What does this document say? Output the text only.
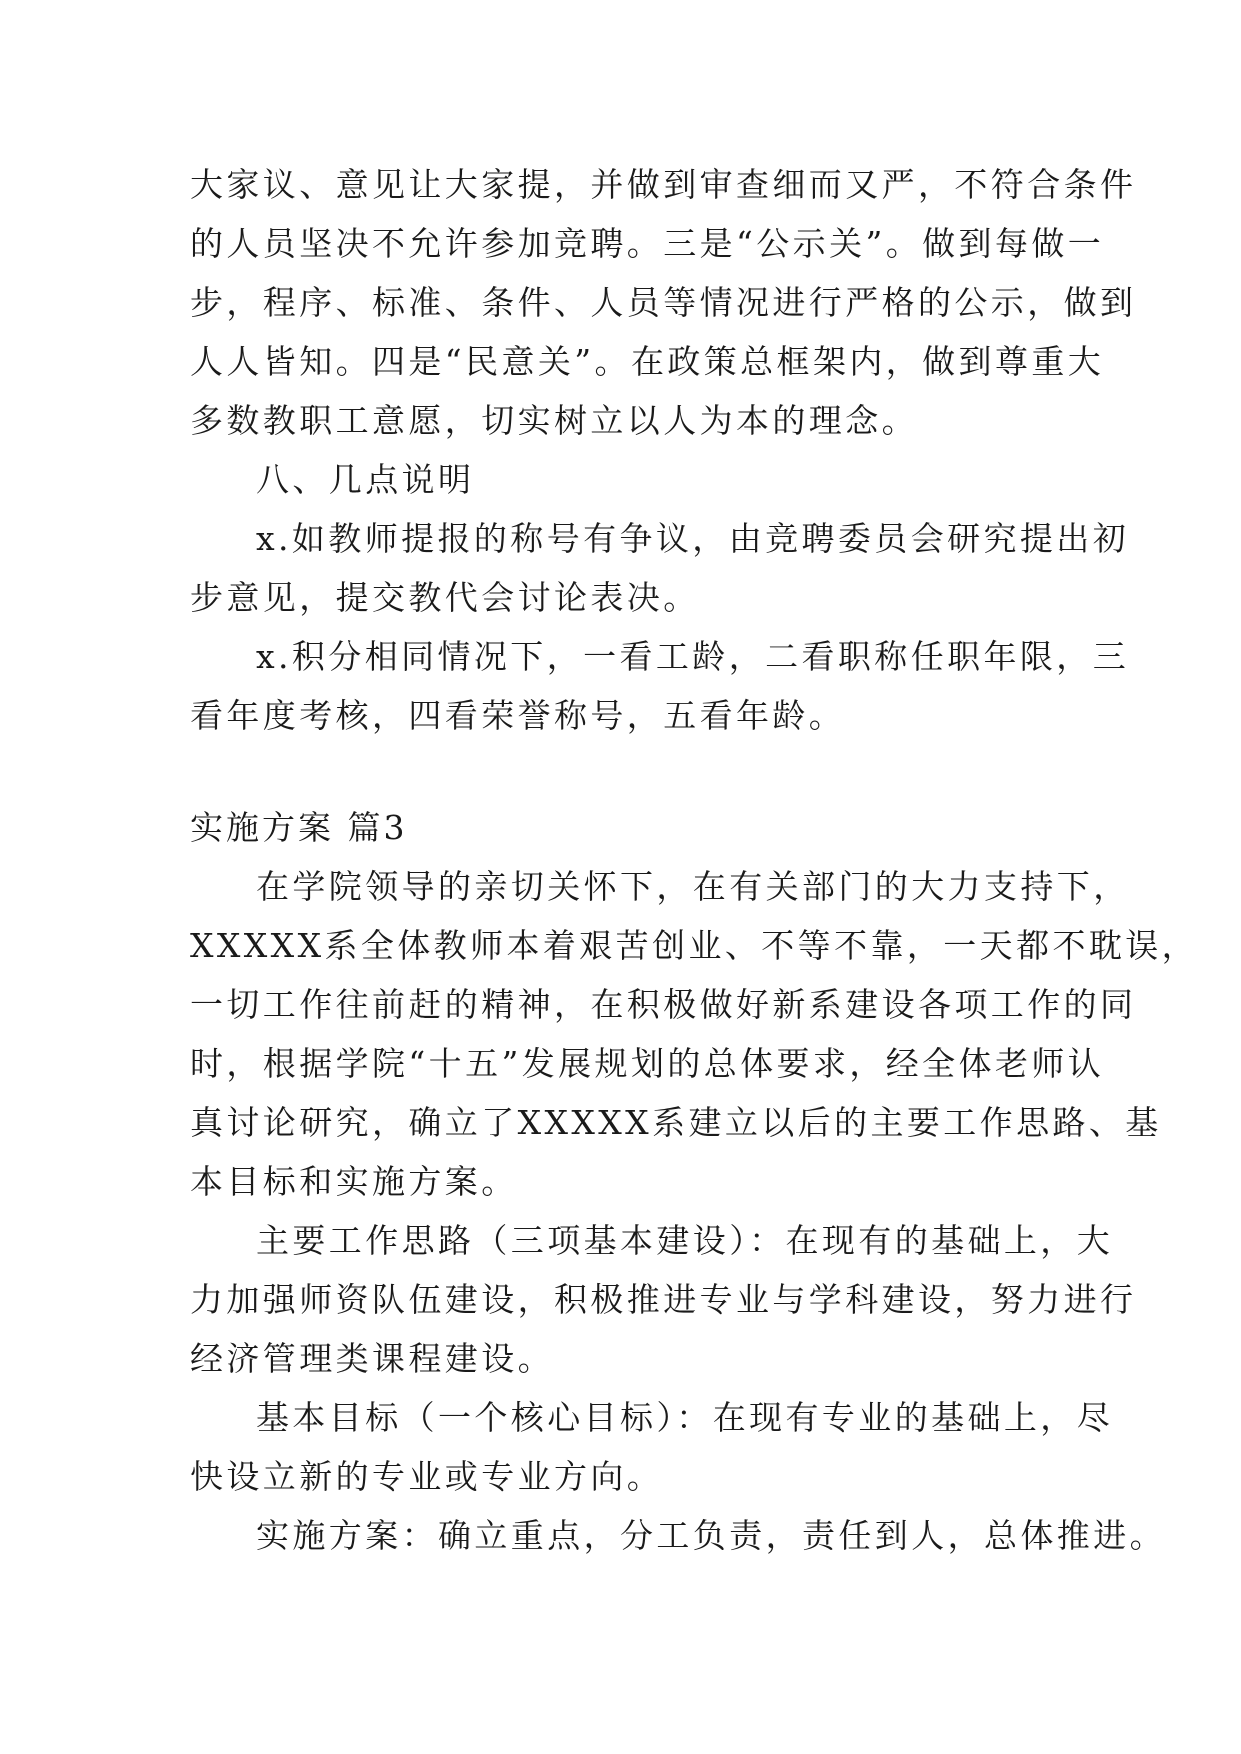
大家议、意见让大家提，并做到审查细而又严，不符合条件
的人员坚决不允许参加竞聘。三是“公示关”。做到每做一
步，程序、标准、条件、人员等情况进行严格的公示，做到
人人皆知。四是“民意关”。在政策总框架内，做到尊重大
多数教职工意愿，切实树立以人为本的理念。
八、几点说明
x.如教师提报的称号有争议，由竞聘委员会研究提出初
步意见，提交教代会讨论表决。
x.积分相同情况下，一看工龄，二看职称任职年限，三
看年度考核，四看荣誉称号，五看年龄。
实施方案 篇3
在学院领导的亲切关怀下，在有关部门的大力支持下，
XXXXX系全体教师本着艰苦创业、不等不靠，一天都不耽误，
一切工作往前赶的精神，在积极做好新系建设各项工作的同
时，根据学院“十五”发展规划的总体要求，经全体老师认
真讨论研究，确立了XXXXX系建立以后的主要工作思路、基
本目标和实施方案。
主要工作思路（三项基本建设）：在现有的基础上，大
力加强师资队伍建设，积极推进专业与学科建设，努力进行
经济管理类课程建设。
基本目标（一个核心目标）：在现有专业的基础上，尽
快设立新的专业或专业方向。
实施方案：确立重点，分工负责，责任到人，总体推进。
